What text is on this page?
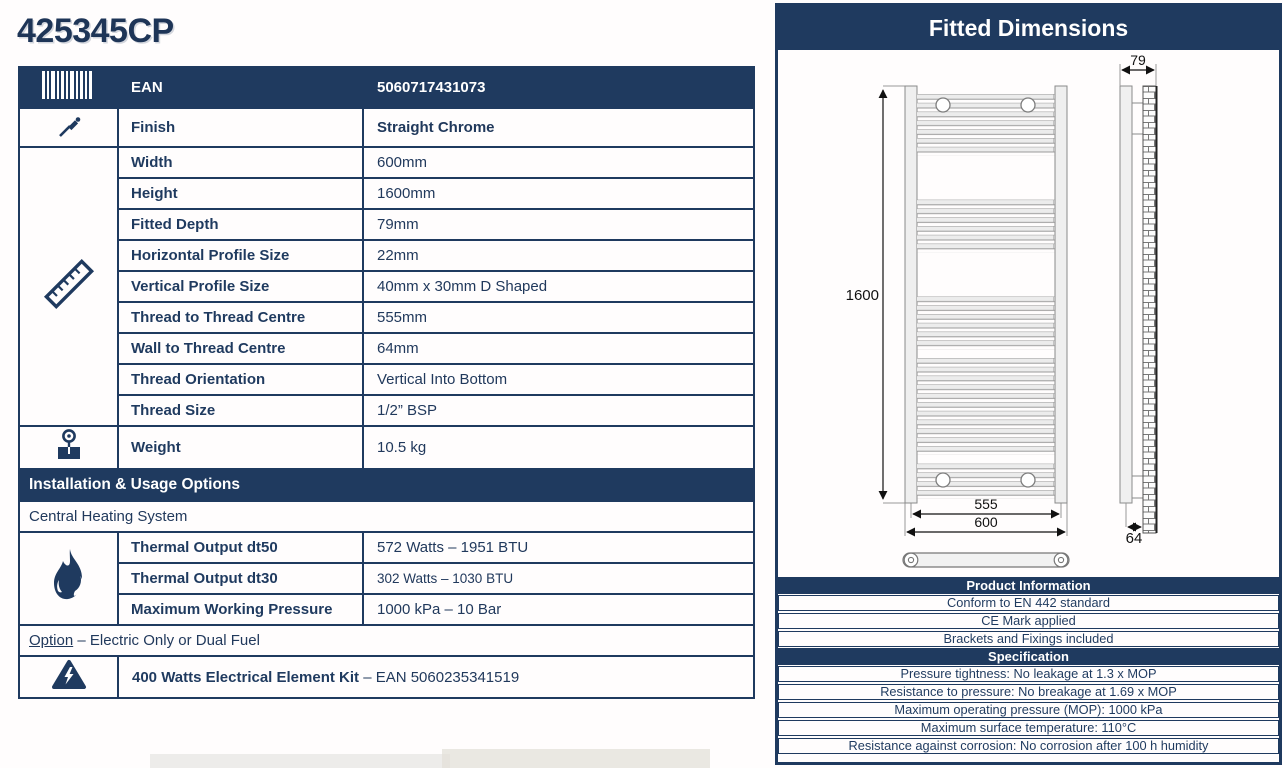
425345CP
	EAN	5060717431073
	Finish	Straight Chrome
	Width	600mm
	Height	1600mm
	Fitted Depth	79mm
	Horizontal Profile Size	22mm
	Vertical Profile Size	40mm x 30mm D Shaped
	Thread to Thread Centre	555mm
	Wall to Thread Centre	64mm
	Thread Orientation	Vertical Into Bottom
	Thread Size	1/2” BSP
	Weight	10.5 kg
Installation & Usage Options		
Central Heating System		
	Thermal Output dt50	572 Watts – 1951 BTU
	Thermal Output dt30	302 Watts – 1030 BTU
	Maximum Working Pressure	1000 kPa – 10 Bar
Option – Electric Only or Dual Fuel		
	400 Watts Electrical Element Kit – EAN 5060235341519	
Fitted Dimensions
1600
555
600
79
64
Product Information
Conform to EN 442 standard
CE Mark applied
Brackets and Fixings included
Specification
Pressure tightness: No leakage at 1.3 x MOP
Resistance to pressure: No breakage at 1.69 x MOP
Maximum operating pressure (MOP): 1000 kPa
Maximum surface temperature: 110°C
Resistance against corrosion: No corrosion after 100 h humidity
